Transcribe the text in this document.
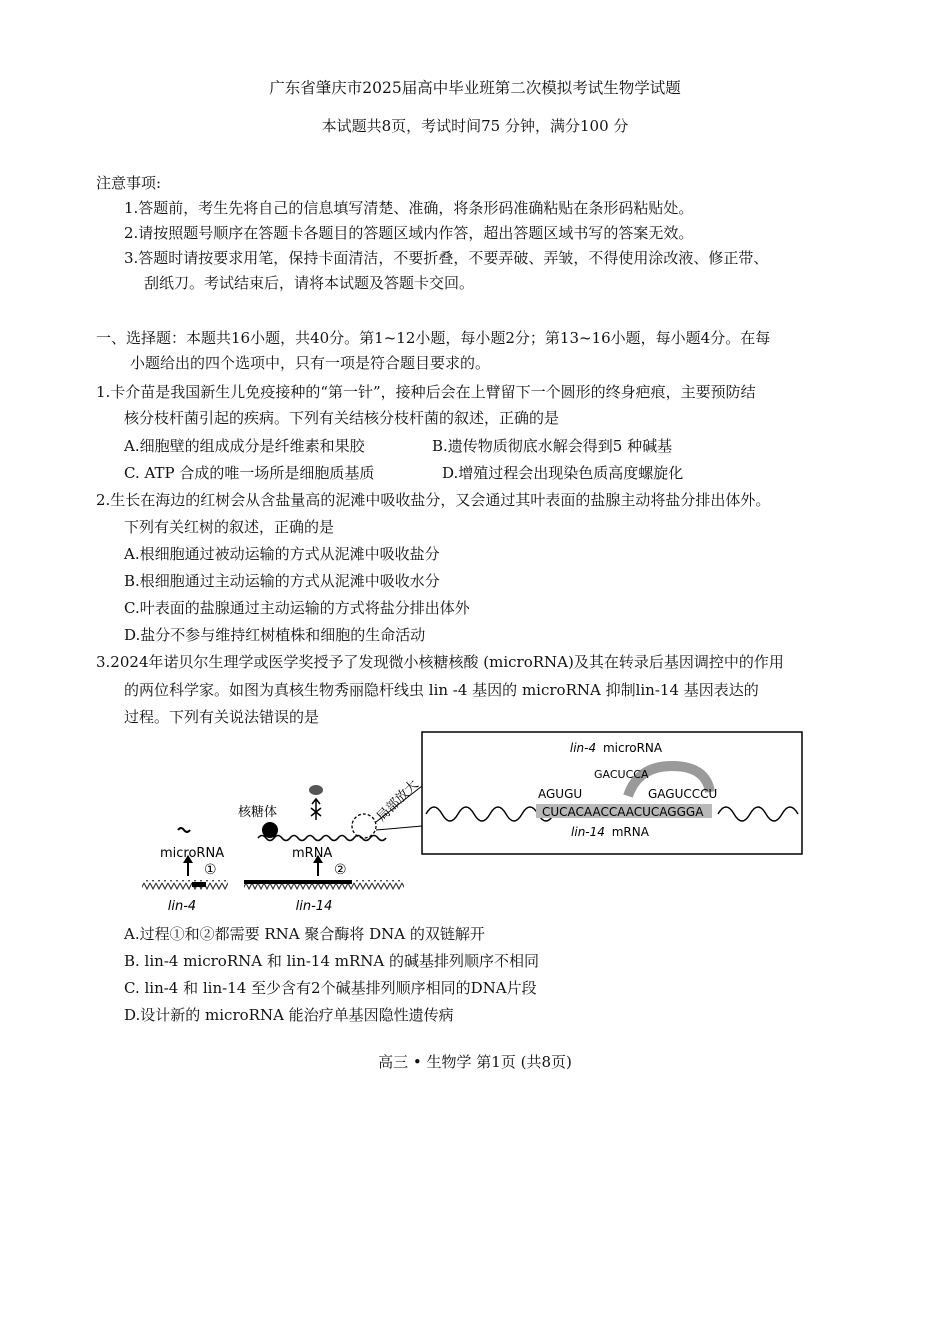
广东省肇庆市2025届高中毕业班第二次模拟考试生物学试题
本试题共8页，考试时间75 分钟，满分100 分
注意事项:
1.答题前，考生先将自己的信息填写清楚、准确，将条形码准确粘贴在条形码粘贴处。
2.请按照题号顺序在答题卡各题目的答题区域内作答，超出答题区域书写的答案无效。
3.答题时请按要求用笔，保持卡面清洁，不要折叠，不要弄破、弄皱，不得使用涂改液、修正带、
刮纸刀。考试结束后，请将本试题及答题卡交回。
一、选择题：本题共16小题，共40分。第1~12小题，每小题2分；第13~16小题，每小题4分。在每
小题给出的四个选项中，只有一项是符合题目要求的。
1.卡介苗是我国新生儿免疫接种的“第一针”，接种后会在上臂留下一个圆形的终身疤痕，主要预防结
核分枝杆菌引起的疾病。下列有关结核分枝杆菌的叙述，正确的是
A.细胞壁的组成成分是纤维素和果胶	B.遗传物质彻底水解会得到5 种碱基
C. ATP 合成的唯一场所是细胞质基质	D.增殖过程会出现染色质高度螺旋化
2.生长在海边的红树会从含盐量高的泥滩中吸收盐分，又会通过其叶表面的盐腺主动将盐分排出体外。
下列有关红树的叙述，正确的是
A.根细胞通过被动运输的方式从泥滩中吸收盐分
B.根细胞通过主动运输的方式从泥滩中吸收水分
C.叶表面的盐腺通过主动运输的方式将盐分排出体外
D.盐分不参与维持红树植株和细胞的生命活动
3.2024年诺贝尔生理学或医学奖授予了发现微小核糖核酸 (microRNA)及其在转录后基因调控中的作用
的两位科学家。如图为真核生物秀丽隐杆线虫 lin -4 基因的 microRNA 抑制lin-14 基因表达的
过程。下列有关说法错误的是
lin-4	lin-14
①	②
microRNA	mRNA
核糖体	局部放大
lin-4 microRNA
AGUGU
GACUCCA
GAGUCCCU
CUCACAACCAACUCAGGGA
lin-14 mRNA
A.过程①和②都需要 RNA 聚合酶将 DNA 的双链解开
B. lin-4 microRNA 和 lin-14 mRNA 的碱基排列顺序不相同
C. lin-4 和 lin-14 至少含有2个碱基排列顺序相同的DNA片段
D.设计新的 microRNA 能治疗单基因隐性遗传病
高三 • 生物学 第1页 (共8页)
